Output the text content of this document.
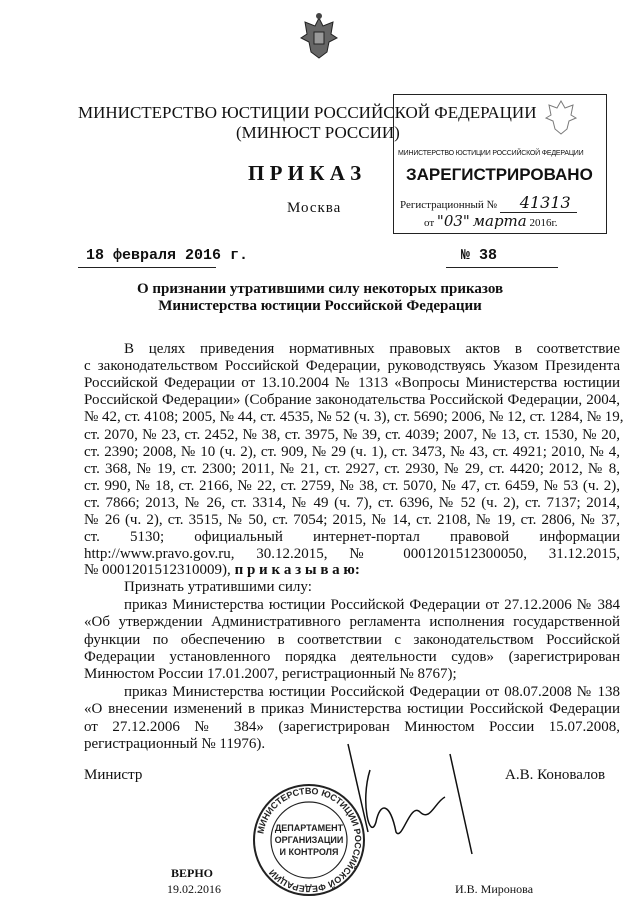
МИНИСТЕРСТВО ЮСТИЦИИ РОССИЙСКОЙ ФЕДЕРАЦИИ
(МИНЮСТ РОССИИ)
П Р И К А З
Москва
МИНИСТЕРСТВО ЮСТИЦИИ РОССИЙСКОЙ ФЕДЕРАЦИИ
ЗАРЕГИСТРИРОВАНО
Регистрационный № 41313
от "03" марта 2016г.
18 февраля 2016 г.	№ 38
О признании утратившими силу некоторых приказов
Министерства юстиции Российской Федерации
В целях приведения нормативных правовых актов в соответствие
с законодательством Российской Федерации, руководствуясь Указом Президента
Российской Федерации от 13.10.2004 № 1313 «Вопросы Министерства юстиции
Российской Федерации» (Собрание законодательства Российской Федерации, 2004,
№ 42, ст. 4108; 2005, № 44, ст. 4535, № 52 (ч. 3), ст. 5690; 2006, № 12, ст. 1284, № 19,
ст. 2070, № 23, ст. 2452, № 38, ст. 3975, № 39, ст. 4039; 2007, № 13, ст. 1530, № 20,
ст. 2390; 2008, № 10 (ч. 2), ст. 909, № 29 (ч. 1), ст. 3473, № 43, ст. 4921; 2010, № 4,
ст. 368, № 19, ст. 2300; 2011, № 21, ст. 2927, ст. 2930, № 29, ст. 4420; 2012, № 8,
ст. 990, № 18, ст. 2166, № 22, ст. 2759, № 38, ст. 5070, № 47, ст. 6459, № 53 (ч. 2),
ст. 7866; 2013, № 26, ст. 3314, № 49 (ч. 7), ст. 6396, № 52 (ч. 2), ст. 7137; 2014,
№ 26 (ч. 2), ст. 3515, № 50, ст. 7054; 2015, № 14, ст. 2108, № 19, ст. 2806, № 37,
ст. 5130; официальный интернет-портал правовой информации
http://www.pravo.gov.ru, 30.12.2015, № 0001201512300050, 31.12.2015,
№ 0001201512310009), п р и к а з ы в а ю:
Признать утратившими силу:
приказ Министерства юстиции Российской Федерации от 27.12.2006 № 384
«Об утверждении Административного регламента исполнения государственной
функции по обеспечению в соответствии с законодательством Российской
Федерации установленного порядка деятельности судов» (зарегистрирован
Минюстом России 17.01.2007, регистрационный № 8767);
приказ Министерства юстиции Российской Федерации от 08.07.2008 № 138
«О внесении изменений в приказ Министерства юстиции Российской Федерации
от 27.12.2006 № 384» (зарегистрирован Минюстом России 15.07.2008,
регистрационный № 11976).
Министр	А.В. Коновалов
МИНИСТЕРСТВО ЮСТИЦИИ РОССИЙСКОЙ ФЕДЕРАЦИИ
ДЕПАРТАМЕНТ
ОРГАНИЗАЦИИ
И КОНТРОЛЯ
ВЕРНО
19.02.2016	И.В. Миронова
